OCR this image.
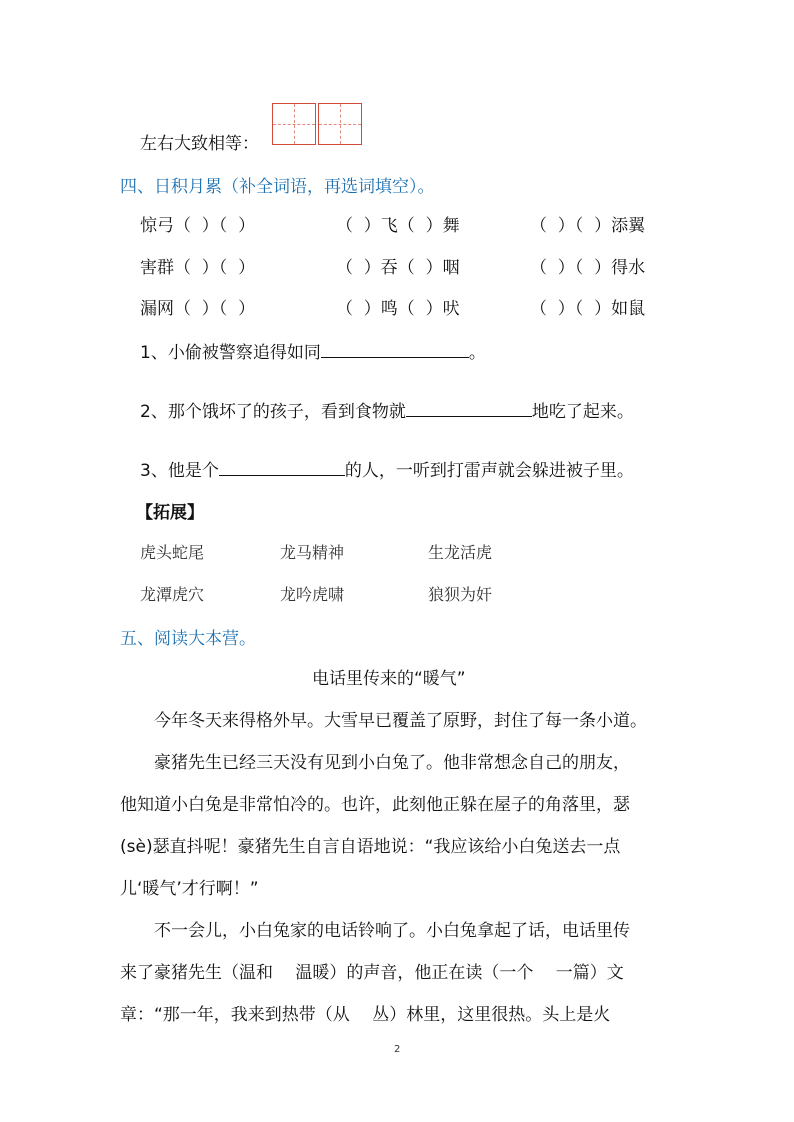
左右大致相等：
四、日积月累（补全词语，再选词填空）。
惊弓（  ）（  ）	（  ）飞（  ）舞	（  ）（  ）添翼
害群（  ）（  ）	（  ）吞（  ）咽	（  ）（  ）得水
漏网（  ）（  ）	（  ）鸣（  ）吠	（  ）（  ）如鼠
1、小偷被警察追得如同	。
2、那个饿坏了的孩子，看到食物就	地吃了起来。
3、他是个	的人，一听到打雷声就会躲进被子里。
【拓展】
虎头蛇尾	龙马精神	生龙活虎
龙潭虎穴	龙吟虎啸	狼狈为奸
五、阅读大本营。
电话里传来的“暖气”
　　今年冬天来得格外早。大雪早已覆盖了原野，封住了每一条小道。
　　豪猪先生已经三天没有见到小白兔了。他非常想念自己的朋友，
他知道小白兔是非常怕冷的。也许，此刻他正躲在屋子的角落里，瑟
(sè)瑟直抖呢！豪猪先生自言自语地说：“我应该给小白兔送去一点
儿‘暖气’才行啊！”
　　不一会儿，小白兔家的电话铃响了。小白兔拿起了话，电话里传
来了豪猪先生（温和　 温暖）的声音，他正在读（一个　 一篇）文
章：“那一年，我来到热带（从　 丛）林里，这里很热。头上是火
2
